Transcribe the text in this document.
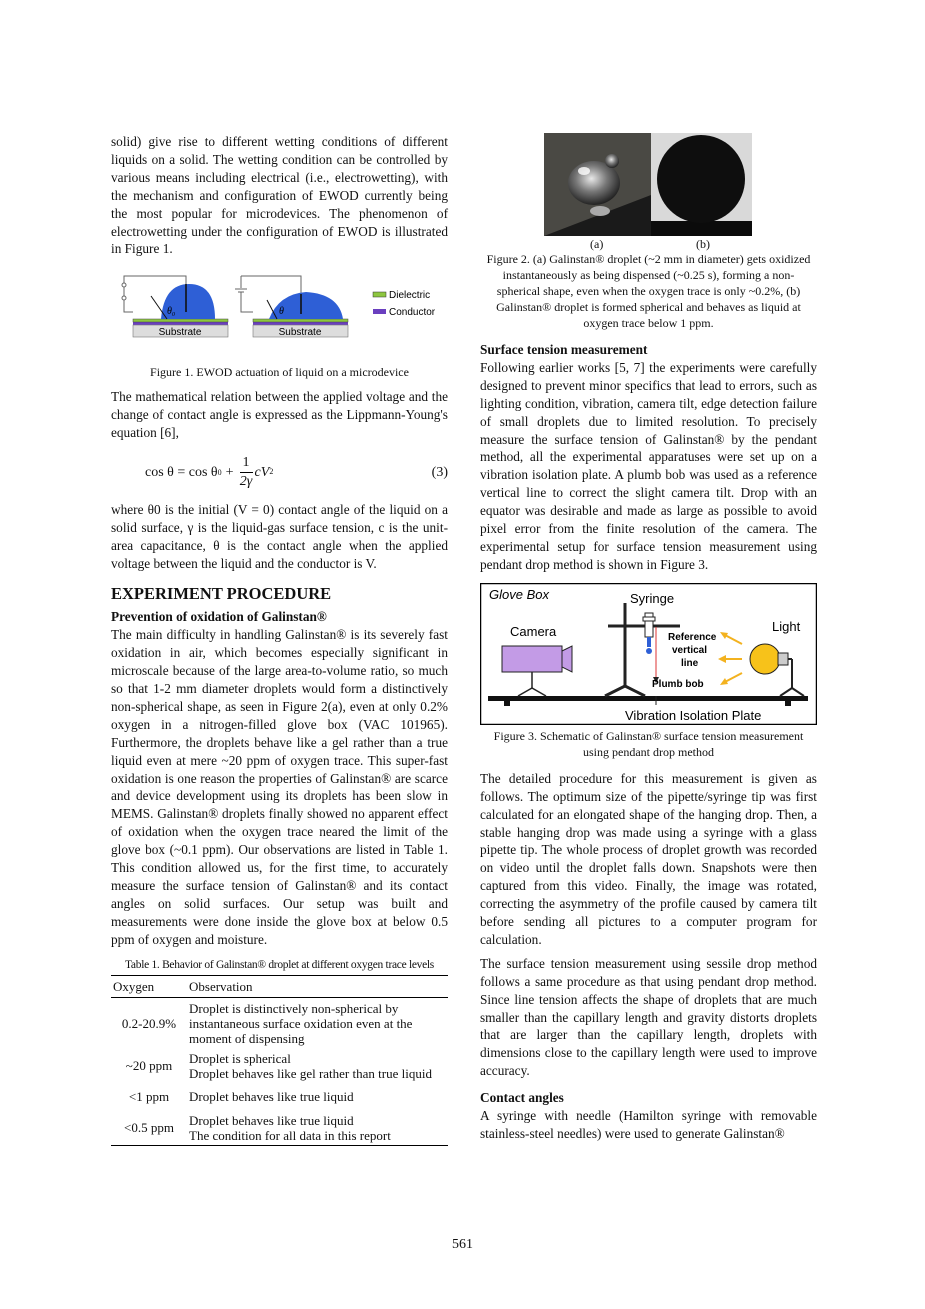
solid) give rise to different wetting conditions of different liquids on a solid. The wetting condition can be controlled by various means including electrical (i.e., electrowetting), with the mechanism and configuration of EWOD currently being the most popular for microdevices. The phenomenon of electrowetting under the configuration of EWOD is illustrated in Figure 1.

$\theta_0$
Substrate
θ
Substrate
Dielectric
Conductor

Figure 1. EWOD actuation of liquid on a microdevice

The mathematical relation between the applied voltage and the change of contact angle is expressed as the Lippmann-Young's equation [6],

cos θ = cos θ $0 + \frac{1}{2\gamma}$ cV 2	(3)

where θ0 is the initial (V = 0) contact angle of the liquid on a solid surface, γ is the liquid-gas surface tension, c is the unit-area capacitance, θ is the contact angle when the applied voltage between the liquid and the conductor is V.

EXPERIMENT PROCEDURE

Prevention of oxidation of Galinstan®

The main difficulty in handling Galinstan® is its severely fast oxidation in air, which becomes especially significant in microscale because of the large area-to-volume ratio, so much so that 1-2 mm diameter droplets would form a distinctively non-spherical shape, as seen in Figure 2(a), even at only 0.2% oxygen in a nitrogen-filled glove box (VAC 101965). Furthermore, the droplets behave like a gel rather than a true liquid even at mere ~20 ppm of oxygen trace. This super-fast oxidation is one reason the properties of Galinstan® are scarce and device development using its droplets has been slow in MEMS. Galinstan® droplets finally showed no apparent effect of oxidation when the oxygen trace neared the limit of the glove box (~0.1 ppm). Our observations are listed in Table 1. This condition allowed us, for the first time, to accurately measure the surface tension of Galinstan® and its contact angles on solid surfaces. Our setup was built and measurements were done inside the glove box at below 0.5 ppm of oxygen and moisture.

Table 1. Behavior of Galinstan® droplet at different oxygen trace levels

Oxygen	Observation
0.2-20.9%	Droplet is distinctively non-spherical by
instantaneous surface oxidation even at the
moment of dispensing

~20 ppm	Droplet is spherical
Droplet behaves like gel rather than true liquid

<1 ppm	Droplet behaves like true liquid

<0.5 ppm	Droplet behaves like true liquid
The condition for all data in this report
(a)	(b)

Figure 2. (a) Galinstan® droplet (~2 mm in diameter) gets oxidized instantaneously as being dispensed (~0.25 s), forming a non-spherical shape, even when the oxygen trace is only ~0.2%, (b) Galinstan® droplet is formed spherical and behaves as liquid at oxygen trace below 1 ppm.

Surface tension measurement

Following earlier works [5, 7] the experiments were carefully designed to prevent minor specifics that lead to errors, such as lighting condition, vibration, camera tilt, edge detection failure of small droplets due to limited resolution. To precisely measure the surface tension of Galinstan® by the pendant method, all the experimental apparatuses were set up on a vibration isolation plate. A plumb bob was used as a reference vertical line to correct the slight camera tilt. Drop with an equator was desirable and made as large as possible to avoid pixel error from the finite resolution of the camera. The experimental setup for surface tension measurement using pendant drop method is shown in Figure 3.

Glove Box	Syringe
Camera	Light
Reference
vertical
line
Plumb bob
Vibration Isolation Plate

Figure 3. Schematic of Galinstan® surface tension measurement using pendant drop method

The detailed procedure for this measurement is given as follows. The optimum size of the pipette/syringe tip was first calculated for an elongated shape of the hanging drop. Then, a stable hanging drop was made using a syringe with a glass pipette tip. The whole process of droplet growth was recorded on video until the droplet falls down. Snapshots were then captured from this video. Finally, the image was rotated, correcting the asymmetry of the profile caused by camera tilt before sending all pictures to a computer program for calculation.

The surface tension measurement using sessile drop method follows a same procedure as that using pendant drop method. Since line tension affects the shape of droplets that are much smaller than the capillary length and gravity distorts droplets that are larger than the capillary length, droplets with dimensions close to the capillary length were used to improve accuracy.

Contact angles

A syringe with needle (Hamilton syringe with removable stainless-steel needles) were used to generate Galinstan®

561
